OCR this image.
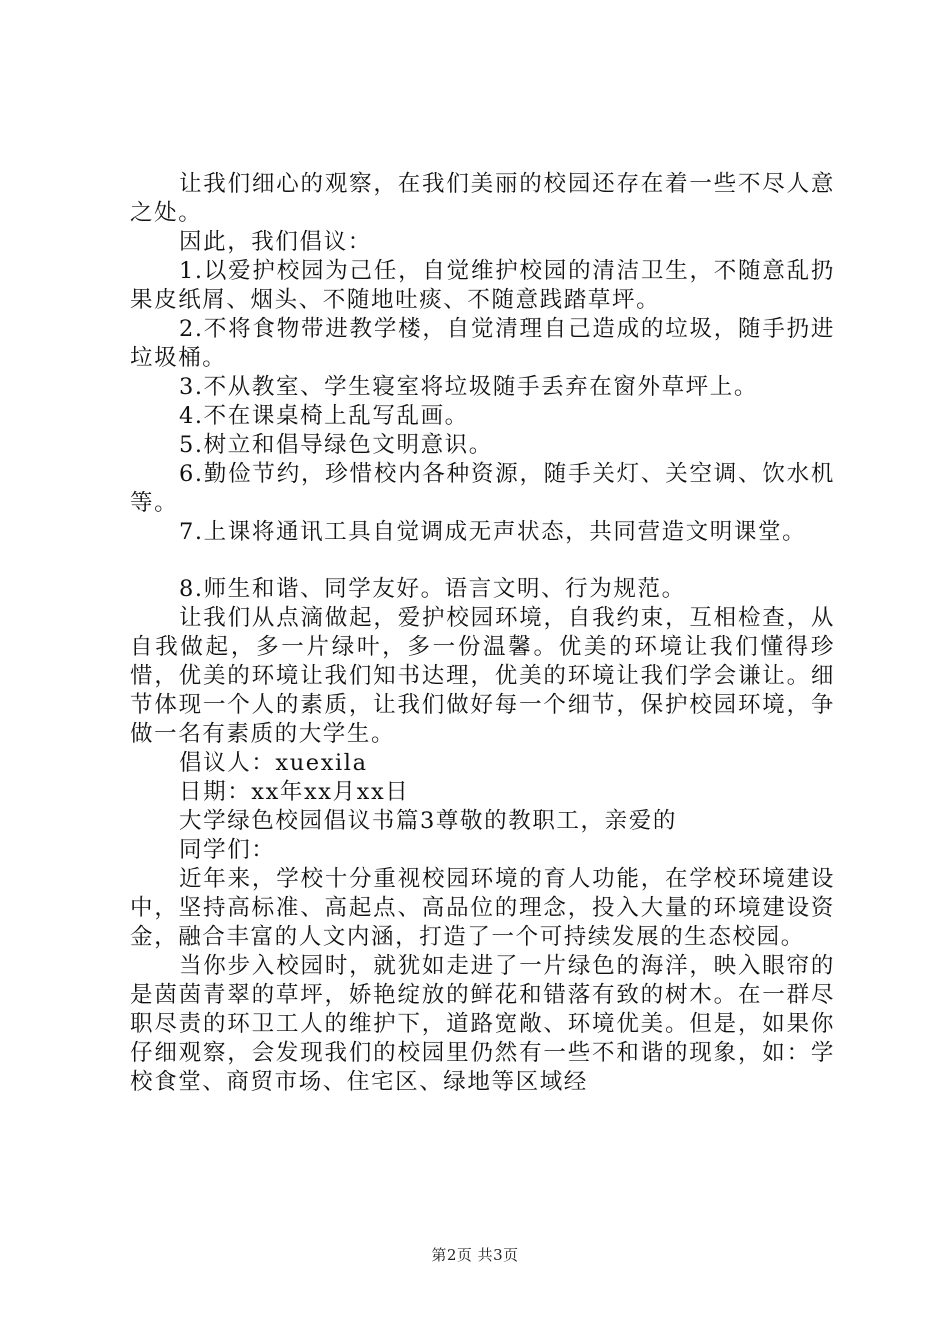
让我们细心的观察，在我们美丽的校园还存在着一些不尽人意之处。

因此，我们倡议：

1.以爱护校园为己任，自觉维护校园的清洁卫生，不随意乱扔果皮纸屑、烟头、不随地吐痰、不随意践踏草坪。

2.不将食物带进教学楼，自觉清理自己造成的垃圾，随手扔进垃圾桶。

3.不从教室、学生寝室将垃圾随手丢弃在窗外草坪上。

4.不在课桌椅上乱写乱画。

5.树立和倡导绿色文明意识。

6.勤俭节约，珍惜校内各种资源，随手关灯、关空调、饮水机等。

7.上课将通讯工具自觉调成无声状态，共同营造文明课堂。

8.师生和谐、同学友好。语言文明、行为规范。

让我们从点滴做起，爱护校园环境，自我约束，互相检查，从自我做起，多一片绿叶，多一份温馨。优美的环境让我们懂得珍惜，优美的环境让我们知书达理，优美的环境让我们学会谦让。细节体现一个人的素质，让我们做好每一个细节，保护校园环境，争做一名有素质的大学生。

倡议人：xuexila

日期：xx年xx月xx日

大学绿色校园倡议书篇3尊敬的教职工，亲爱的

同学们：

近年来，学校十分重视校园环境的育人功能，在学校环境建设中，坚持高标准、高起点、高品位的理念，投入大量的环境建设资金，融合丰富的人文内涵，打造了一个可持续发展的生态校园。

当你步入校园时，就犹如走进了一片绿色的海洋，映入眼帘的是茵茵青翠的草坪，娇艳绽放的鲜花和错落有致的树木。在一群尽职尽责的环卫工人的维护下，道路宽敞、环境优美。但是，如果你仔细观察，会发现我们的校园里仍然有一些不和谐的现象，如：学校食堂、商贸市场、住宅区、绿地等区域经

第2页 共3页
